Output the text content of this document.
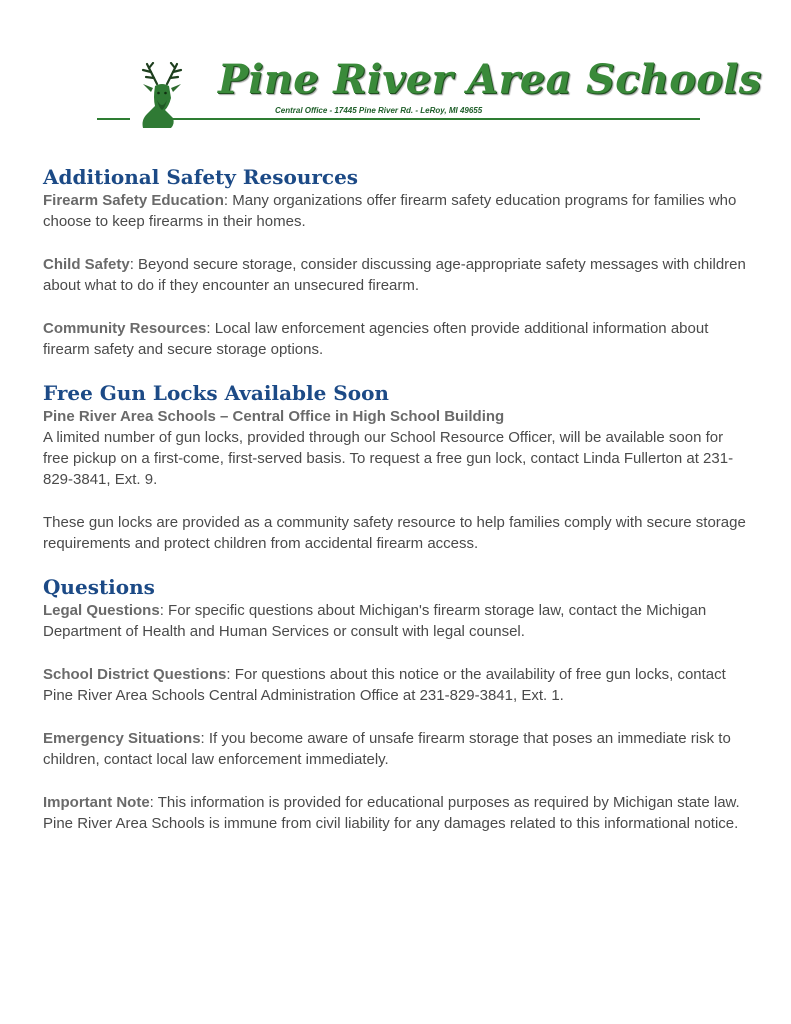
Pine River Area Schools
Central Office - 17445 Pine River Rd. - LeRoy, MI 49655
Additional Safety Resources

Firearm Safety Education: Many organizations offer firearm safety education programs for families who choose to keep firearms in their homes.

Child Safety: Beyond secure storage, consider discussing age-appropriate safety messages with children about what to do if they encounter an unsecured firearm.

Community Resources: Local law enforcement agencies often provide additional information about firearm safety and secure storage options.

Free Gun Locks Available Soon

Pine River Area Schools – Central Office in High School Building

A limited number of gun locks, provided through our School Resource Officer, will be available soon for free pickup on a first-come, first-served basis. To request a free gun lock, contact Linda Fullerton at 231-829-3841, Ext. 9.

These gun locks are provided as a community safety resource to help families comply with secure storage requirements and protect children from accidental firearm access.

Questions

Legal Questions: For specific questions about Michigan's firearm storage law, contact the Michigan Department of Health and Human Services or consult with legal counsel.

School District Questions: For questions about this notice or the availability of free gun locks, contact Pine River Area Schools Central Administration Office at 231-829-3841, Ext. 1.

Emergency Situations: If you become aware of unsafe firearm storage that poses an immediate risk to children, contact local law enforcement immediately.

Important Note: This information is provided for educational purposes as required by Michigan state law. Pine River Area Schools is immune from civil liability for any damages related to this informational notice.
